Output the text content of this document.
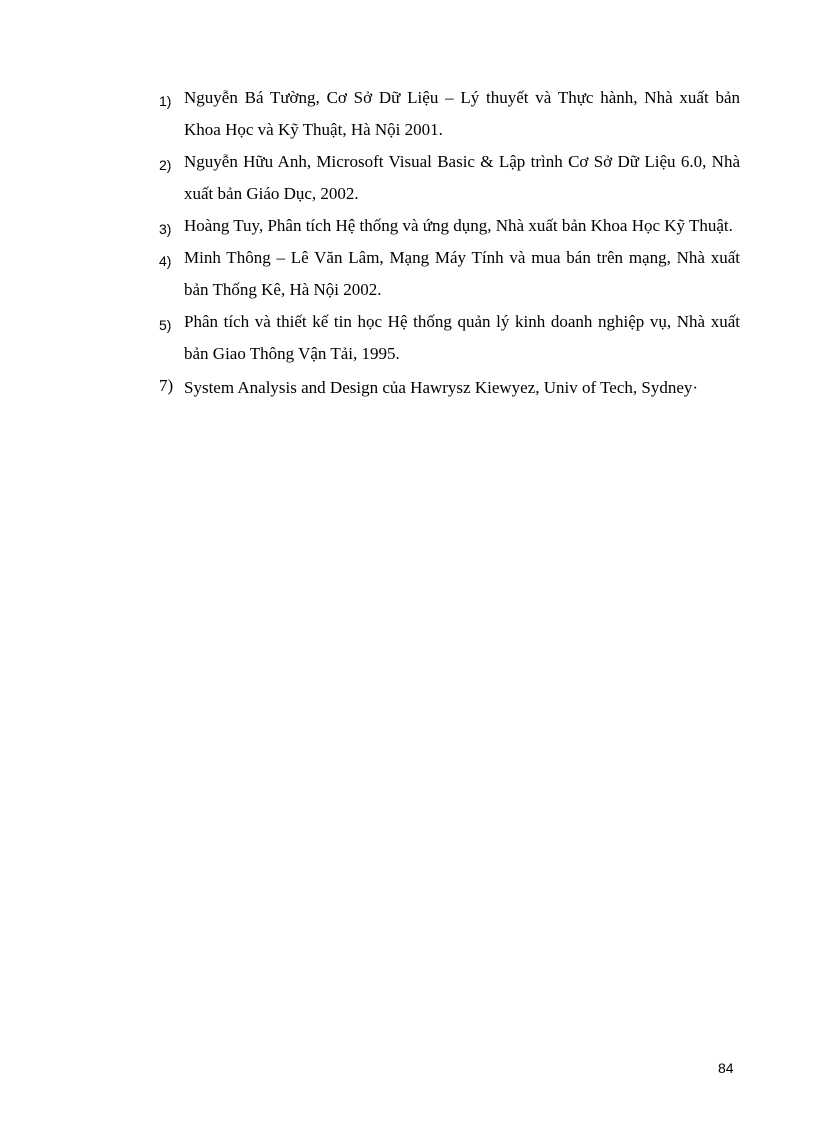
1) Nguyễn Bá Tường, Cơ Sở Dữ Liệu – Lý thuyết và Thực hành, Nhà xuất bản Khoa Học và Kỹ Thuật, Hà Nội 2001.
2) Nguyễn Hữu Anh, Microsoft Visual Basic & Lập trình Cơ Sở Dữ Liệu 6.0, Nhà xuất bản Giáo Dục, 2002.
3) Hoàng Tuy, Phân tích Hệ thống và ứng dụng, Nhà xuất bản Khoa Học Kỹ Thuật.
4) Minh Thông – Lê Văn Lâm, Mạng Máy Tính và mua bán trên mạng, Nhà xuất bản Thống Kê, Hà Nội 2002.
5) Phân tích và thiết kế tin học Hệ thống quản lý kinh doanh nghiệp vụ, Nhà xuất bản Giao Thông Vận Tải, 1995.
7) System Analysis and Design của Hawrysz Kiewyez, Univ of Tech, Sydney·
84
